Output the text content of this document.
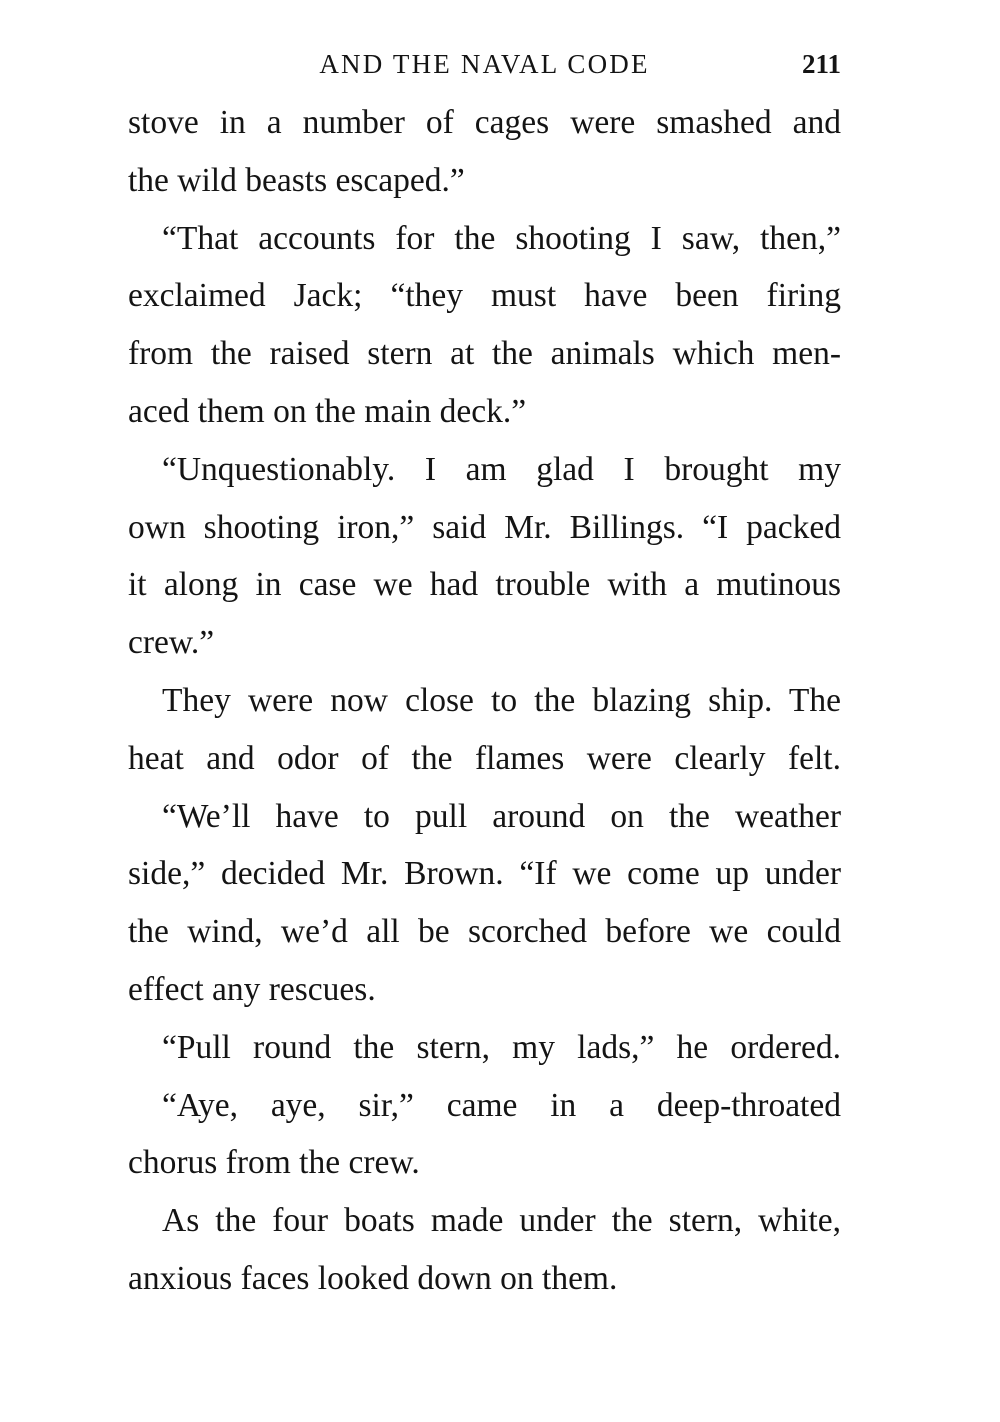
AND THE NAVAL CODE	211
stove in a number of cages were smashed and
the wild beasts escaped.”
“That accounts for the shooting I saw, then,”
exclaimed Jack; “they must have been firing
from the raised stern at the animals which men-
aced them on the main deck.”
“Unquestionably. I am glad I brought my
own shooting iron,” said Mr. Billings. “I packed
it along in case we had trouble with a mutinous
crew.”
They were now close to the blazing ship. The
heat and odor of the flames were clearly felt.
“We’ll have to pull around on the weather
side,” decided Mr. Brown. “If we come up under
the wind, we’d all be scorched before we could
effect any rescues.
“Pull round the stern, my lads,” he ordered.
“Aye, aye, sir,” came in a deep-throated
chorus from the crew.
As the four boats made under the stern, white,
anxious faces looked down on them.
